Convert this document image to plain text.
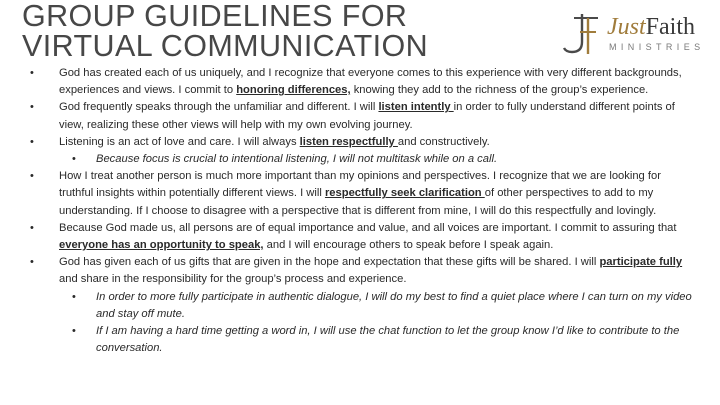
GROUP GUIDELINES FOR
VIRTUAL COMMUNICATION
JustFaith
MINISTRIES
• God has created each of us uniquely, and I recognize that everyone comes to this experience with very different backgrounds, experiences and views. I commit to honoring differences, knowing they add to the richness of the group’s experience.
• God frequently speaks through the unfamiliar and different. I will listen intently in order to fully understand different points of view, realizing these other views will help with my own evolving journey.
• Listening is an act of love and care. I will always listen respectfully and constructively.
• Because focus is crucial to intentional listening, I will not multitask while on a call.
• How I treat another person is much more important than my opinions and perspectives. I recognize that we are looking for truthful insights within potentially different views. I will respectfully seek clarification of other perspectives to add to my understanding. If I choose to disagree with a perspective that is different from mine, I will do this respectfully and lovingly.
• Because God made us, all persons are of equal importance and value, and all voices are important. I commit to assuring that everyone has an opportunity to speak, and I will encourage others to speak before I speak again.
• God has given each of us gifts that are given in the hope and expectation that these gifts will be shared. I will participate fully and share in the responsibility for the group’s process and experience.
• In order to more fully participate in authentic dialogue, I will do my best to find a quiet place where I can turn on my video and stay off mute.
• If I am having a hard time getting a word in, I will use the chat function to let the group know I’d like to contribute to the conversation.
